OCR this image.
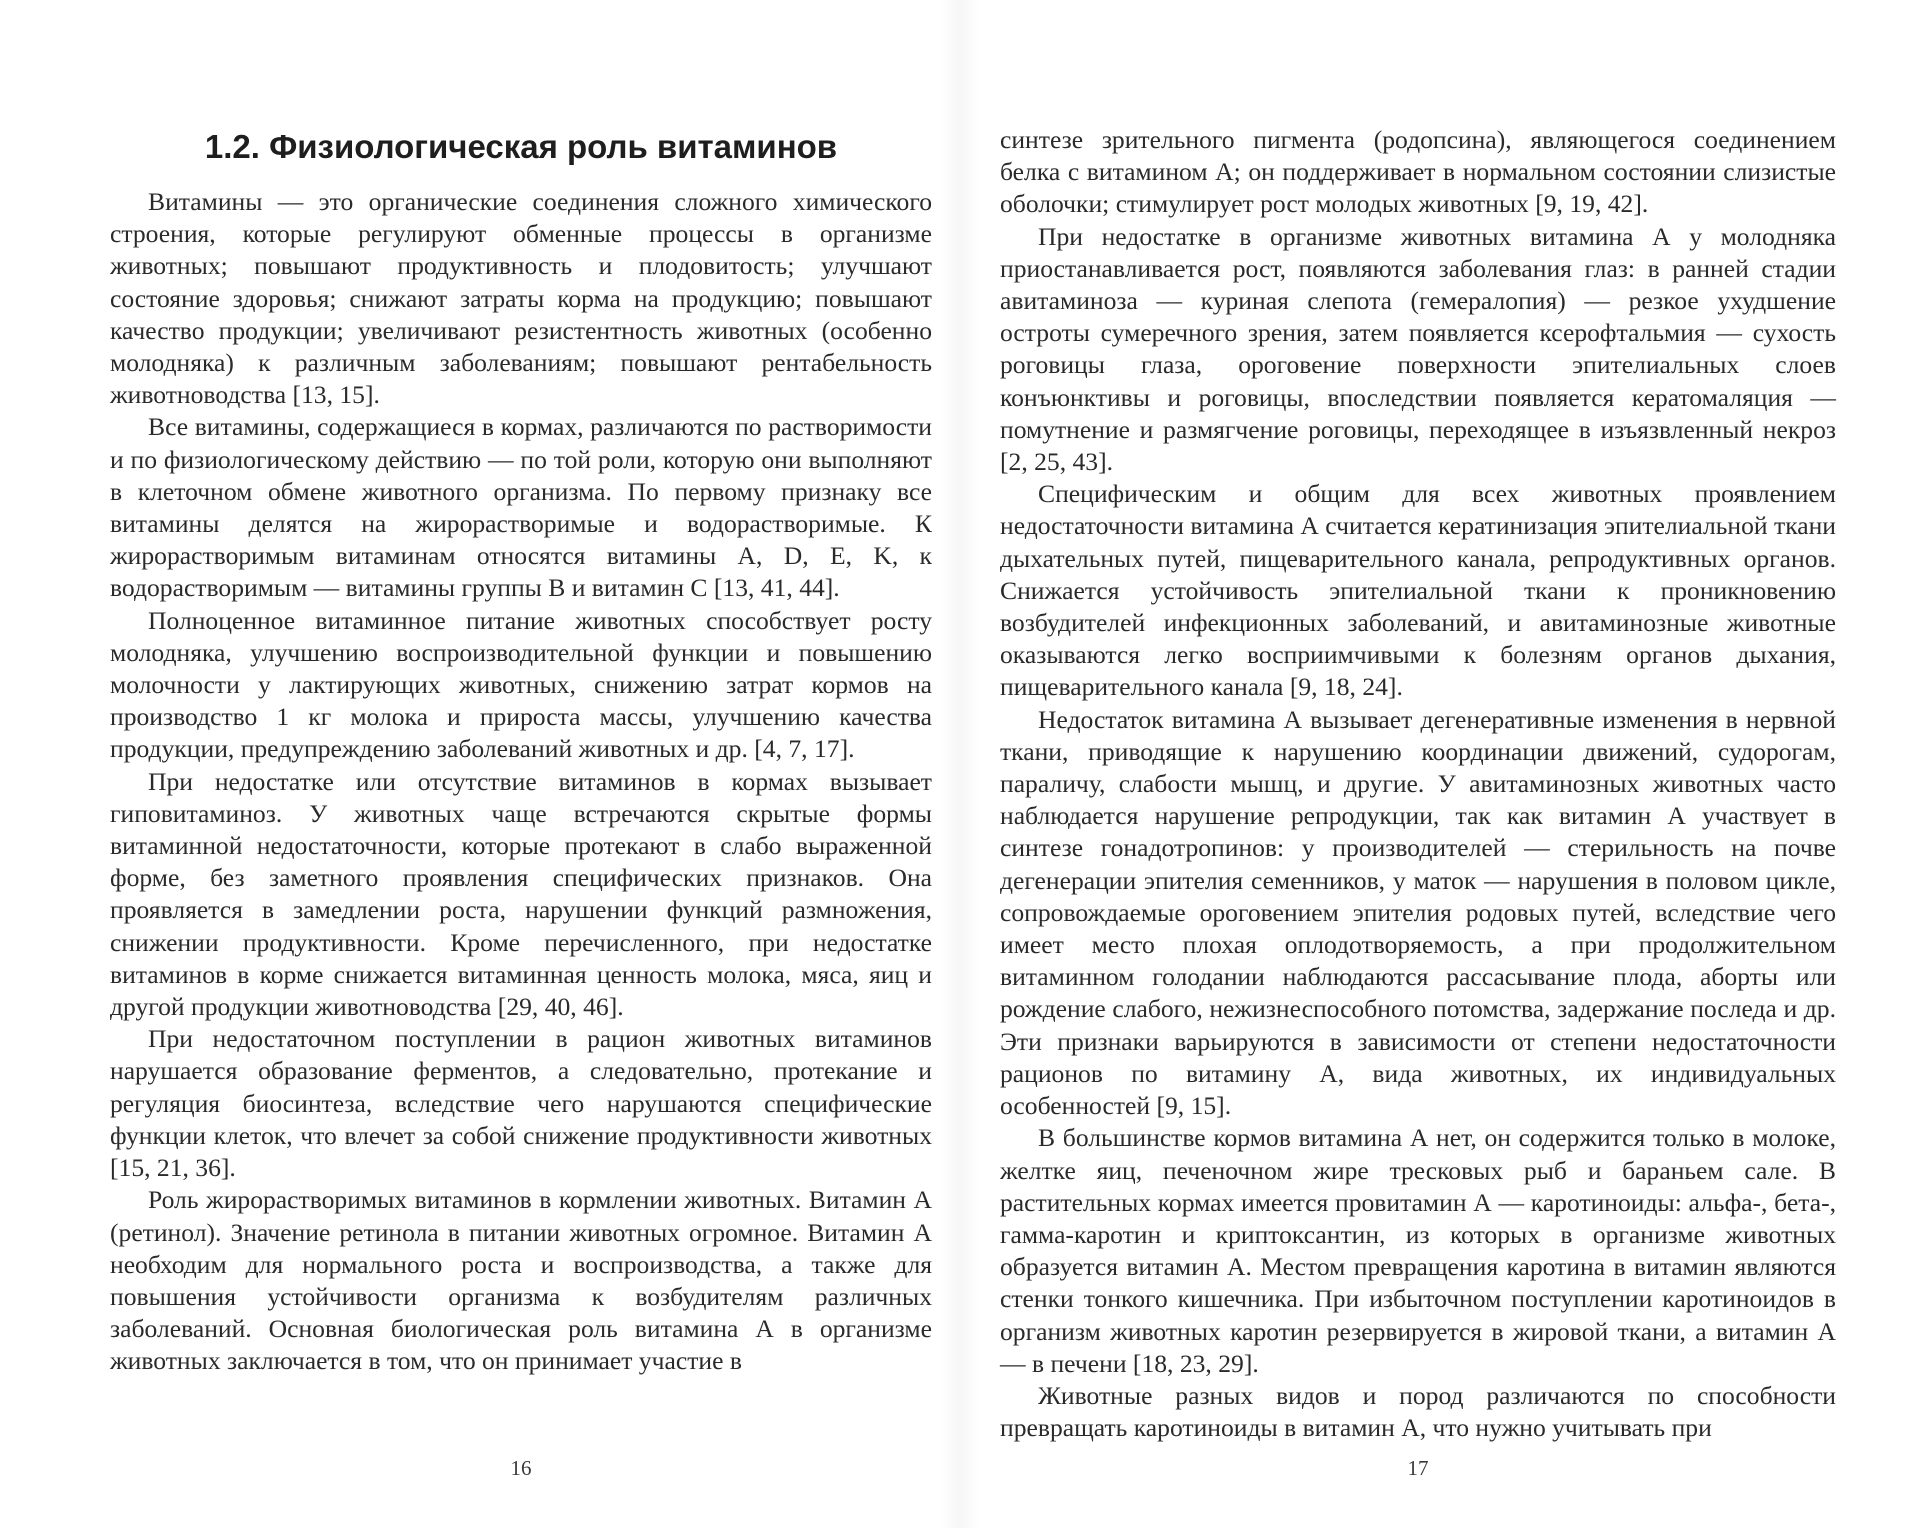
1.2. Физиологическая роль витаминов

Витамины — это органические соединения сложного химического строения, которые регулируют обменные процессы в организме животных; повышают продуктивность и плодовитость; улучшают состояние здоровья; снижают затраты корма на продукцию; повышают качество продукции; увеличивают резистентность животных (особенно молодняка) к различным заболеваниям; повышают рентабельность животноводства [13, 15].

Все витамины, содержащиеся в кормах, различаются по растворимости и по физиологическому действию — по той роли, которую они выполняют в клеточном обмене животного организма. По первому признаку все витамины делятся на жирорастворимые и водорастворимые. К жирорастворимым витаминам относятся витамины A, D, E, K, к водорастворимым — витамины группы B и витамин C [13, 41, 44].

Полноценное витаминное питание животных способствует росту молодняка, улучшению воспроизводительной функции и повышению молочности у лактирующих животных, снижению затрат кормов на производство 1 кг молока и прироста массы, улучшению качества продукции, предупреждению заболеваний животных и др. [4, 7, 17].

При недостатке или отсутствие витаминов в кормах вызывает гиповитаминоз. У животных чаще встречаются скрытые формы витаминной недостаточности, которые протекают в слабо выраженной форме, без заметного проявления специфических признаков. Она проявляется в замедлении роста, нарушении функций размножения, снижении продуктивности. Кроме перечисленного, при недостатке витаминов в корме снижается витаминная ценность молока, мяса, яиц и другой продукции животноводства [29, 40, 46].

При недостаточном поступлении в рацион животных витаминов нарушается образование ферментов, а следовательно, протекание и регуляция биосинтеза, вследствие чего нарушаются специфические функции клеток, что влечет за собой снижение продуктивности животных [15, 21, 36].

Роль жирорастворимых витаминов в кормлении животных. Витамин А (ретинол). Значение ретинола в питании животных огромное. Витамин А необходим для нормального роста и воспроизводства, а также для повышения устойчивости организма к возбудителям различных заболеваний. Основная биологическая роль витамина А в организме животных заключается в том, что он принимает участие в

16

синтезе зрительного пигмента (родопсина), являющегося соединением белка с витамином А; он поддерживает в нормальном состоянии слизистые оболочки; стимулирует рост молодых животных [9, 19, 42].

При недостатке в организме животных витамина А у молодняка приостанавливается рост, появляются заболевания глаз: в ранней стадии авитаминоза — куриная слепота (гемералопия) — резкое ухудшение остроты сумеречного зрения, затем появляется ксерофтальмия — сухость роговицы глаза, ороговение поверхности эпителиальных слоев конъюнктивы и роговицы, впоследствии появляется кератомаляция — помутнение и размягчение роговицы, переходящее в изъязвленный некроз [2, 25, 43].

Специфическим и общим для всех животных проявлением недостаточности витамина А считается кератинизация эпителиальной ткани дыхательных путей, пищеварительного канала, репродуктивных органов. Снижается устойчивость эпителиальной ткани к проникновению возбудителей инфекционных заболеваний, и авитаминозные животные оказываются легко восприимчивыми к болезням органов дыхания, пищеварительного канала [9, 18, 24].

Недостаток витамина А вызывает дегенеративные изменения в нервной ткани, приводящие к нарушению координации движений, судорогам, параличу, слабости мышц, и другие. У авитаминозных животных часто наблюдается нарушение репродукции, так как витамин А участвует в синтезе гонадотропинов: у производителей — стерильность на почве дегенерации эпителия семенников, у маток — нарушения в половом цикле, сопровождаемые ороговением эпителия родовых путей, вследствие чего имеет место плохая оплодотворяемость, а при продолжительном витаминном голодании наблюдаются рассасывание плода, аборты или рождение слабого, нежизнеспособного потомства, задержание последа и др. Эти признаки варьируются в зависимости от степени недостаточности рационов по витамину А, вида животных, их индивидуальных особенностей [9, 15].

В большинстве кормов витамина А нет, он содержится только в молоке, желтке яиц, печеночном жире тресковых рыб и бараньем сале. В растительных кормах имеется провитамин А — каротиноиды: альфа-, бета-, гамма-каротин и криптоксантин, из которых в организме животных образуется витамин А. Местом превращения каротина в витамин являются стенки тонкого кишечника. При избыточном поступлении каротиноидов в организм животных каротин резервируется в жировой ткани, а витамин А — в печени [18, 23, 29].

Животные разных видов и пород различаются по способности превращать каротиноиды в витамин А, что нужно учитывать при

17
